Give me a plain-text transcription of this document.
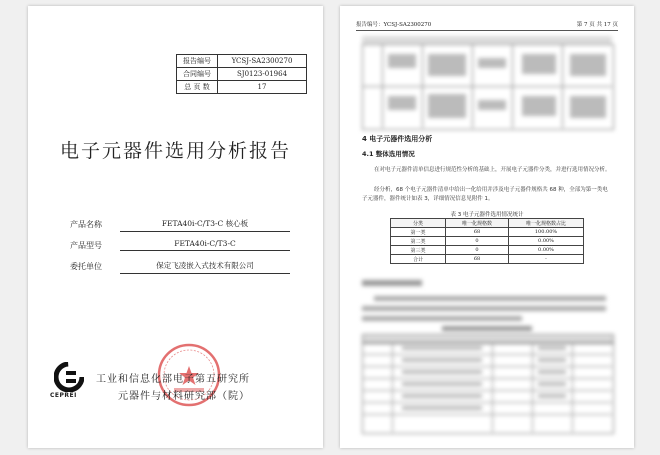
报告编号	YCSJ-SA2300270
合同编号	SJ0123-01964
总 页 数	17
电子元器件选用分析报告
产品名称	FETA40i-C/T3-C 核心板
产品型号	FETA40i-C/T3-C
委托单位	保定飞凌嵌入式技术有限公司
CEPREI
工业和信息化部电子第五研究所
元器件与材料研究部（院）
报告编号：YCSJ-SA2300270	第 7 页 共 17 页
4 电子元器件选用分析
4.1 整体选用情况
在对电子元器件清单信息进行规范性分析的基础上，开展电子元器件分类，并进行选用情况分析。
经分析，68 个电子元器件清单中给出一化给用并涉及电子元器件规格共 68 种，全部为第一类电子元器件，器件统计如表 3，详细情况信息见附件 1。
表 3 电子元器件选用情况统计
分类	唯一化规格数	唯一化规格数占比
第一类	68	100.00%
第二类	0	0.00%
第三类	0	0.00%
合计	68	-
